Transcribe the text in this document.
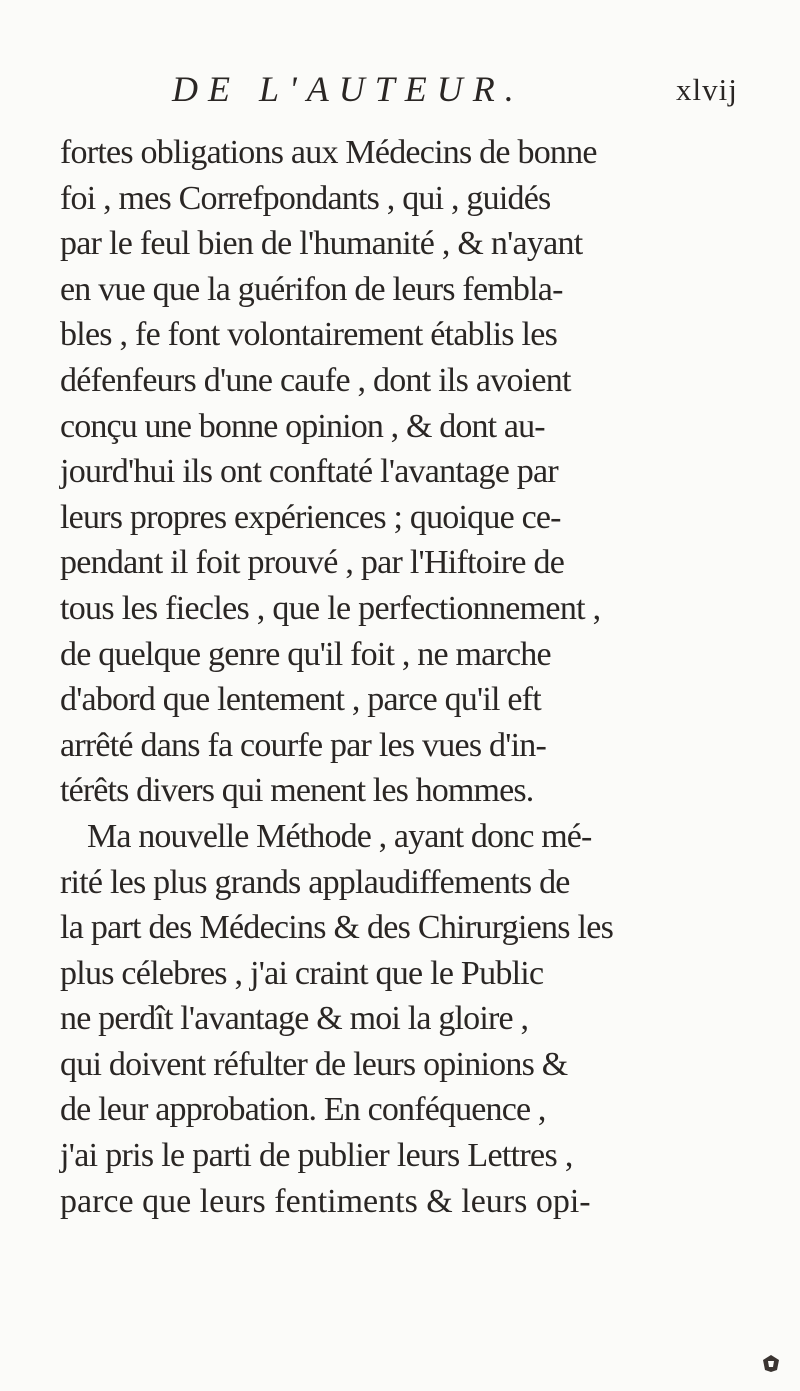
DE L'AUTEUR.	xlvij
fortes obligations aux Médecins de bonne
foi , mes Correfpondants , qui , guidés
par le feul bien de l'humanité , & n'ayant
en vue que la guérifon de leurs fembla-
bles , fe font volontairement établis les
défenfeurs d'une caufe , dont ils avoient
conçu une bonne opinion , & dont au-
jourd'hui ils ont conftaté l'avantage par
leurs propres expériences ; quoique ce-
pendant il foit prouvé , par l'Hiftoire de
tous les fiecles , que le perfectionnement ,
de quelque genre qu'il foit , ne marche
d'abord que lentement , parce qu'il eft
arrêté dans fa courfe par les vues d'in-
térêts divers qui menent les hommes.
Ma nouvelle Méthode , ayant donc mé-
rité les plus grands applaudiffements de
la part des Médecins & des Chirurgiens les
plus célebres , j'ai craint que le Public
ne perdît l'avantage & moi la gloire ,
qui doivent réfulter de leurs opinions &
de leur approbation. En conféquence ,
j'ai pris le parti de publier leurs Lettres ,
parce que leurs fentiments & leurs opi-
